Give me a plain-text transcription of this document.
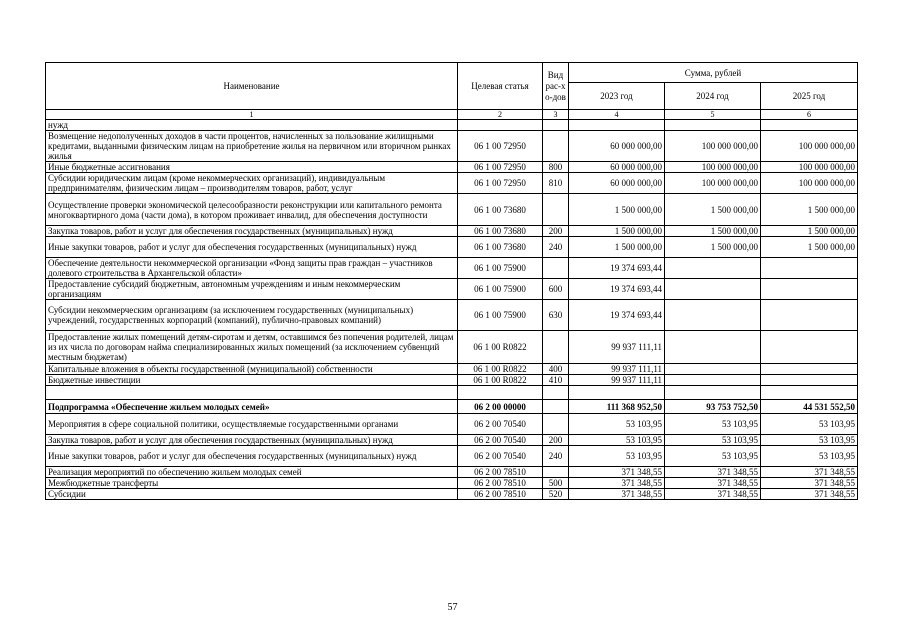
Наименование	Целевая статья	Вид рас-хо-дов	Сумма, рублей		
			2023 год	2024 год	2025 год
1	2	3	4	5	6
нужд					
Возмещение недополученных доходов в части процентов, начисленных за пользование жилищными кредитами, выданными физическим лицам на приобретение жилья на первичном или вторичном рынках жилья	06 1 00 72950		60 000 000,00	100 000 000,00	100 000 000,00
Иные бюджетные ассигнования	06 1 00 72950	800	60 000 000,00	100 000 000,00	100 000 000,00
Субсидии юридическим лицам (кроме некоммерческих организаций), индивидуальным предпринимателям, физическим лицам – производителям товаров, работ, услуг	06 1 00 72950	810	60 000 000,00	100 000 000,00	100 000 000,00
Осуществление проверки экономической целесообразности реконструкции или капитального ремонта многоквартирного дома (части дома), в котором проживает инвалид, для обеспечения доступности	06 1 00 73680		1 500 000,00	1 500 000,00	1 500 000,00
Закупка товаров, работ и услуг для обеспечения государственных (муниципальных) нужд	06 1 00 73680	200	1 500 000,00	1 500 000,00	1 500 000,00
Иные закупки товаров, работ и услуг для обеспечения государственных (муниципальных) нужд	06 1 00 73680	240	1 500 000,00	1 500 000,00	1 500 000,00
Обеспечение деятельности некоммерческой организации «Фонд защиты прав граждан – участников долевого строительства в Архангельской области»	06 1 00 75900		19 374 693,44		
Предоставление субсидий бюджетным, автономным учреждениям и иным некоммерческим организациям	06 1 00 75900	600	19 374 693,44		
Субсидии некоммерческим организациям (за исключением государственных (муниципальных) учреждений, государственных корпораций (компаний), публично-правовых компаний)	06 1 00 75900	630	19 374 693,44		
Предоставление жилых помещений детям-сиротам и детям, оставшимся без попечения родителей, лицам из их числа по договорам найма специализированных жилых помещений (за исключением субвенций местным бюджетам)	06 1 00 R0822		99 937 111,11		
Капитальные вложения в объекты государственной (муниципальной) собственности	06 1 00 R0822	400	99 937 111,11		
Бюджетные инвестиции	06 1 00 R0822	410	99 937 111,11		

Подпрограмма «Обеспечение жильем молодых семей»	06 2 00 00000		111 368 952,50	93 753 752,50	44 531 552,50
Мероприятия в сфере социальной политики, осуществляемые государственными органами	06 2 00 70540		53 103,95	53 103,95	53 103,95
Закупка товаров, работ и услуг для обеспечения государственных (муниципальных) нужд	06 2 00 70540	200	53 103,95	53 103,95	53 103,95
Иные закупки товаров, работ и услуг для обеспечения государственных (муниципальных) нужд	06 2 00 70540	240	53 103,95	53 103,95	53 103,95
Реализация мероприятий по обеспечению жильем молодых семей	06 2 00 78510		371 348,55	371 348,55	371 348,55
Межбюджетные трансферты	06 2 00 78510	500	371 348,55	371 348,55	371 348,55
Субсидии	06 2 00 78510	520	371 348,55	371 348,55	371 348,55
57
